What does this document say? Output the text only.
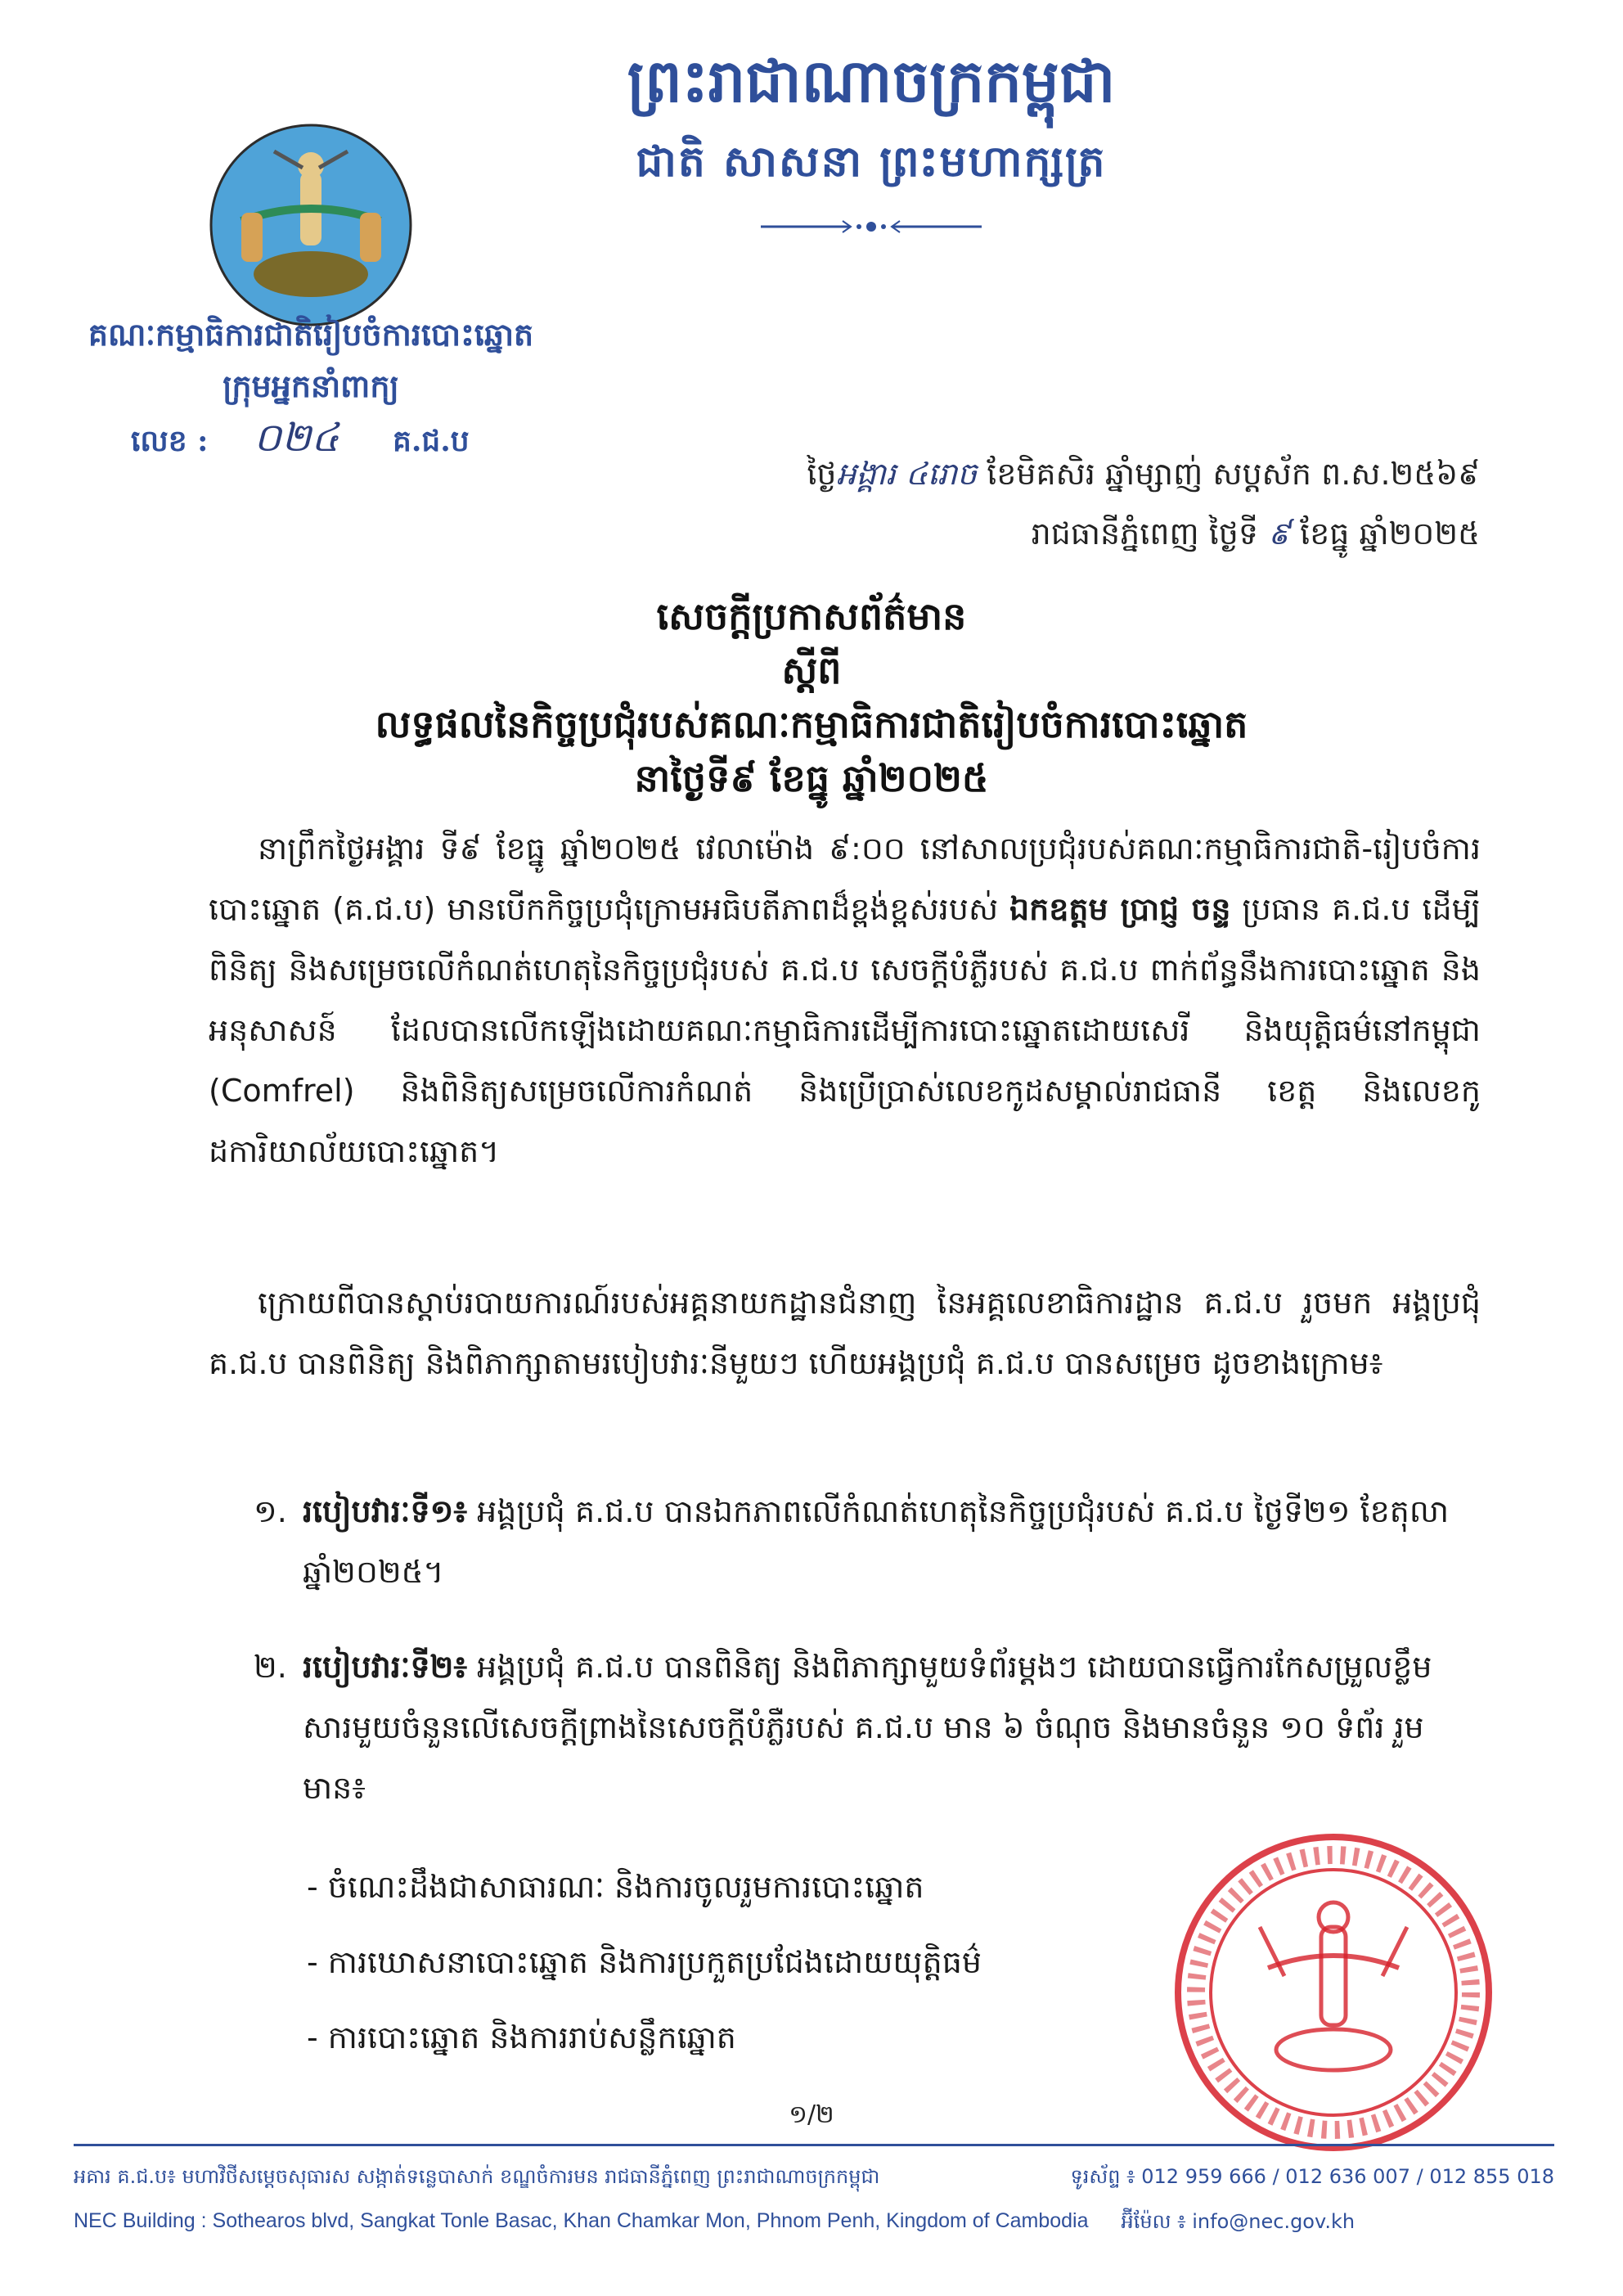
ព្រះរាជាណាចក្រកម្ពុជា
ជាតិ សាសនា ព្រះមហាក្សត្រ
គណៈកម្មាធិការជាតិរៀបចំការបោះឆ្នោត
ក្រុមអ្នកនាំពាក្យ
លេខ :	០២៤	គ.ជ.ប
ថ្ងៃអង្គារ ៤រោច ខែមិគសិរ ឆ្នាំម្សាញ់ សប្តស័ក ព.ស.២៥៦៩
រាជធានីភ្នំពេញ ថ្ងៃទី ៩ ខែធ្នូ ឆ្នាំ២០២៥
សេចក្តីប្រកាសព័ត៌មាន
ស្តីពី
លទ្ធផលនៃកិច្ចប្រជុំរបស់គណៈកម្មាធិការជាតិរៀបចំការបោះឆ្នោត
នាថ្ងៃទី៩ ខែធ្នូ ឆ្នាំ២០២៥
នាព្រឹកថ្ងៃអង្គារ ទី៩ ខែធ្នូ ឆ្នាំ២០២៥ វេលាម៉ោង ៩:០០ នៅសាលប្រជុំរបស់គណៈកម្មាធិការជាតិ-រៀបចំការបោះឆ្នោត (គ.ជ.ប) មានបើកកិច្ចប្រជុំក្រោមអធិបតីភាពដ៏ខ្ពង់ខ្ពស់របស់ ឯកឧត្តម ប្រាជ្ញ ចន្ទ ប្រធាន គ.ជ.ប ដើម្បីពិនិត្យ និងសម្រេចលើកំណត់ហេតុនៃកិច្ចប្រជុំរបស់ គ.ជ.ប សេចក្តីបំភ្លឺរបស់ គ.ជ.ប ពាក់ព័ន្ធនឹងការបោះឆ្នោត និងអនុសាសន៍ ដែលបានលើកឡើងដោយគណៈកម្មាធិការដើម្បីការបោះឆ្នោតដោយសេរី និងយុត្តិធម៌នៅកម្ពុជា (Comfrel) និងពិនិត្យសម្រេចលើការកំណត់ និងប្រើប្រាស់លេខកូដសម្គាល់រាជធានី ខេត្ត និងលេខកូដការិយាល័យបោះឆ្នោត។
ក្រោយពីបានស្តាប់របាយការណ៍របស់អគ្គនាយកដ្ឋានជំនាញ នៃអគ្គលេខាធិការដ្ឋាន គ.ជ.ប រួចមក អង្គប្រជុំ គ.ជ.ប បានពិនិត្យ និងពិភាក្សាតាមរបៀបវារៈនីមួយៗ ហើយអង្គប្រជុំ គ.ជ.ប បានសម្រេច ដូចខាងក្រោម៖
១. របៀបវារៈទី១៖ អង្គប្រជុំ គ.ជ.ប បានឯកភាពលើកំណត់ហេតុនៃកិច្ចប្រជុំរបស់ គ.ជ.ប ថ្ងៃទី២១ ខែតុលា ឆ្នាំ២០២៥។
២. របៀបវារៈទី២៖ អង្គប្រជុំ គ.ជ.ប បានពិនិត្យ និងពិភាក្សាមួយទំព័រម្តងៗ ដោយបានធ្វើការកែសម្រួលខ្លឹមសារមួយចំនួនលើសេចក្តីព្រាងនៃសេចក្តីបំភ្លឺរបស់ គ.ជ.ប មាន ៦ ចំណុច និងមានចំនួន ១០ ទំព័រ រួមមាន៖
- ចំណេះដឹងជាសាធារណៈ និងការចូលរួមការបោះឆ្នោត
- ការឃោសនាបោះឆ្នោត និងការប្រកួតប្រជែងដោយយុត្តិធម៌
- ការបោះឆ្នោត និងការរាប់សន្លឹកឆ្នោត
១/២
អគារ គ.ជ.ប៖ មហាវិថីសម្តេចសុធារស សង្កាត់ទន្លេបាសាក់ ខណ្ឌចំការមន រាជធានីភ្នំពេញ ព្រះរាជាណាចក្រកម្ពុជា	ទូរស័ព្ទ ៖ 012 959 666 / 012 636 007 / 012 855 018
NEC Building : Sothearos blvd, Sangkat Tonle Basac, Khan Chamkar Mon, Phnom Penh, Kingdom of Cambodia អ៊ីម៉ែល ៖ info@nec.gov.kh
